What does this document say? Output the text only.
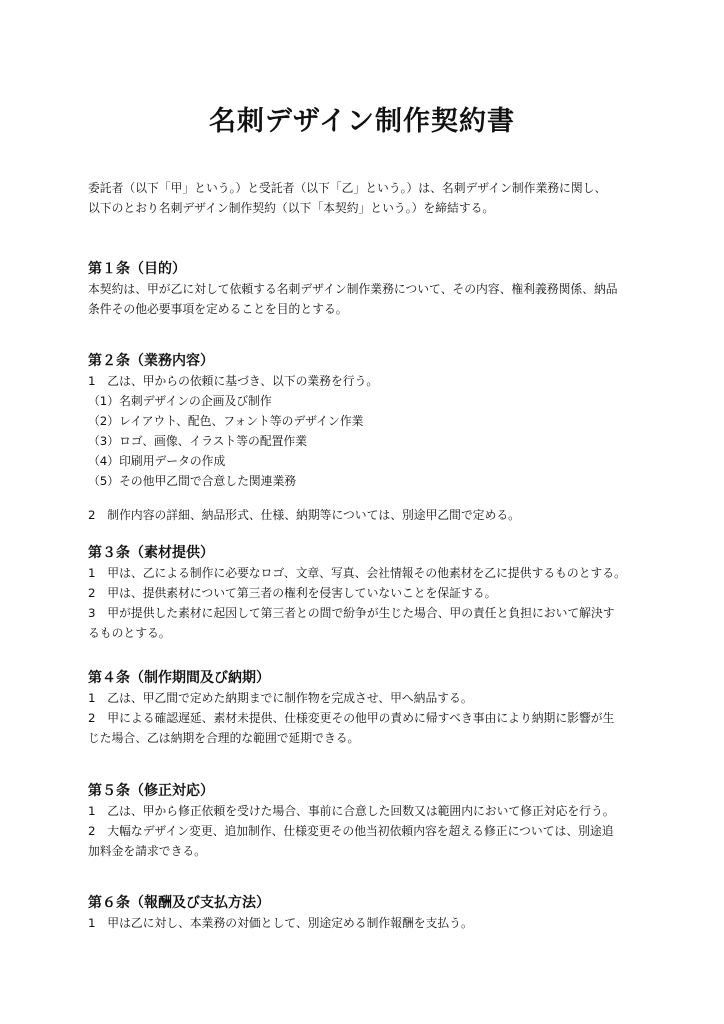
名刺デザイン制作契約書

委託者（以下「甲」という。）と受託者（以下「乙」という。）は、名刺デザイン制作業務に関し、

以下のとおり名刺デザイン制作契約（以下「本契約」という。）を締結する。

第１条（目的）

本契約は、甲が乙に対して依頼する名刺デザイン制作業務について、その内容、権利義務関係、納品

条件その他必要事項を定めることを目的とする。

第２条（業務内容）

1　乙は、甲からの依頼に基づき、以下の業務を行う。

（1）名刺デザインの企画及び制作

（2）レイアウト、配色、フォント等のデザイン作業

（3）ロゴ、画像、イラスト等の配置作業

（4）印刷用データの作成

（5）その他甲乙間で合意した関連業務

2　制作内容の詳細、納品形式、仕様、納期等については、別途甲乙間で定める。

第３条（素材提供）

1　甲は、乙による制作に必要なロゴ、文章、写真、会社情報その他素材を乙に提供するものとする。

2　甲は、提供素材について第三者の権利を侵害していないことを保証する。

3　甲が提供した素材に起因して第三者との間で紛争が生じた場合、甲の責任と負担において解決す

るものとする。

第４条（制作期間及び納期）

1　乙は、甲乙間で定めた納期までに制作物を完成させ、甲へ納品する。

2　甲による確認遅延、素材未提供、仕様変更その他甲の責めに帰すべき事由により納期に影響が生

じた場合、乙は納期を合理的な範囲で延期できる。

第５条（修正対応）

1　乙は、甲から修正依頼を受けた場合、事前に合意した回数又は範囲内において修正対応を行う。

2　大幅なデザイン変更、追加制作、仕様変更その他当初依頼内容を超える修正については、別途追

加料金を請求できる。

第６条（報酬及び支払方法）

1　甲は乙に対し、本業務の対価として、別途定める制作報酬を支払う。
